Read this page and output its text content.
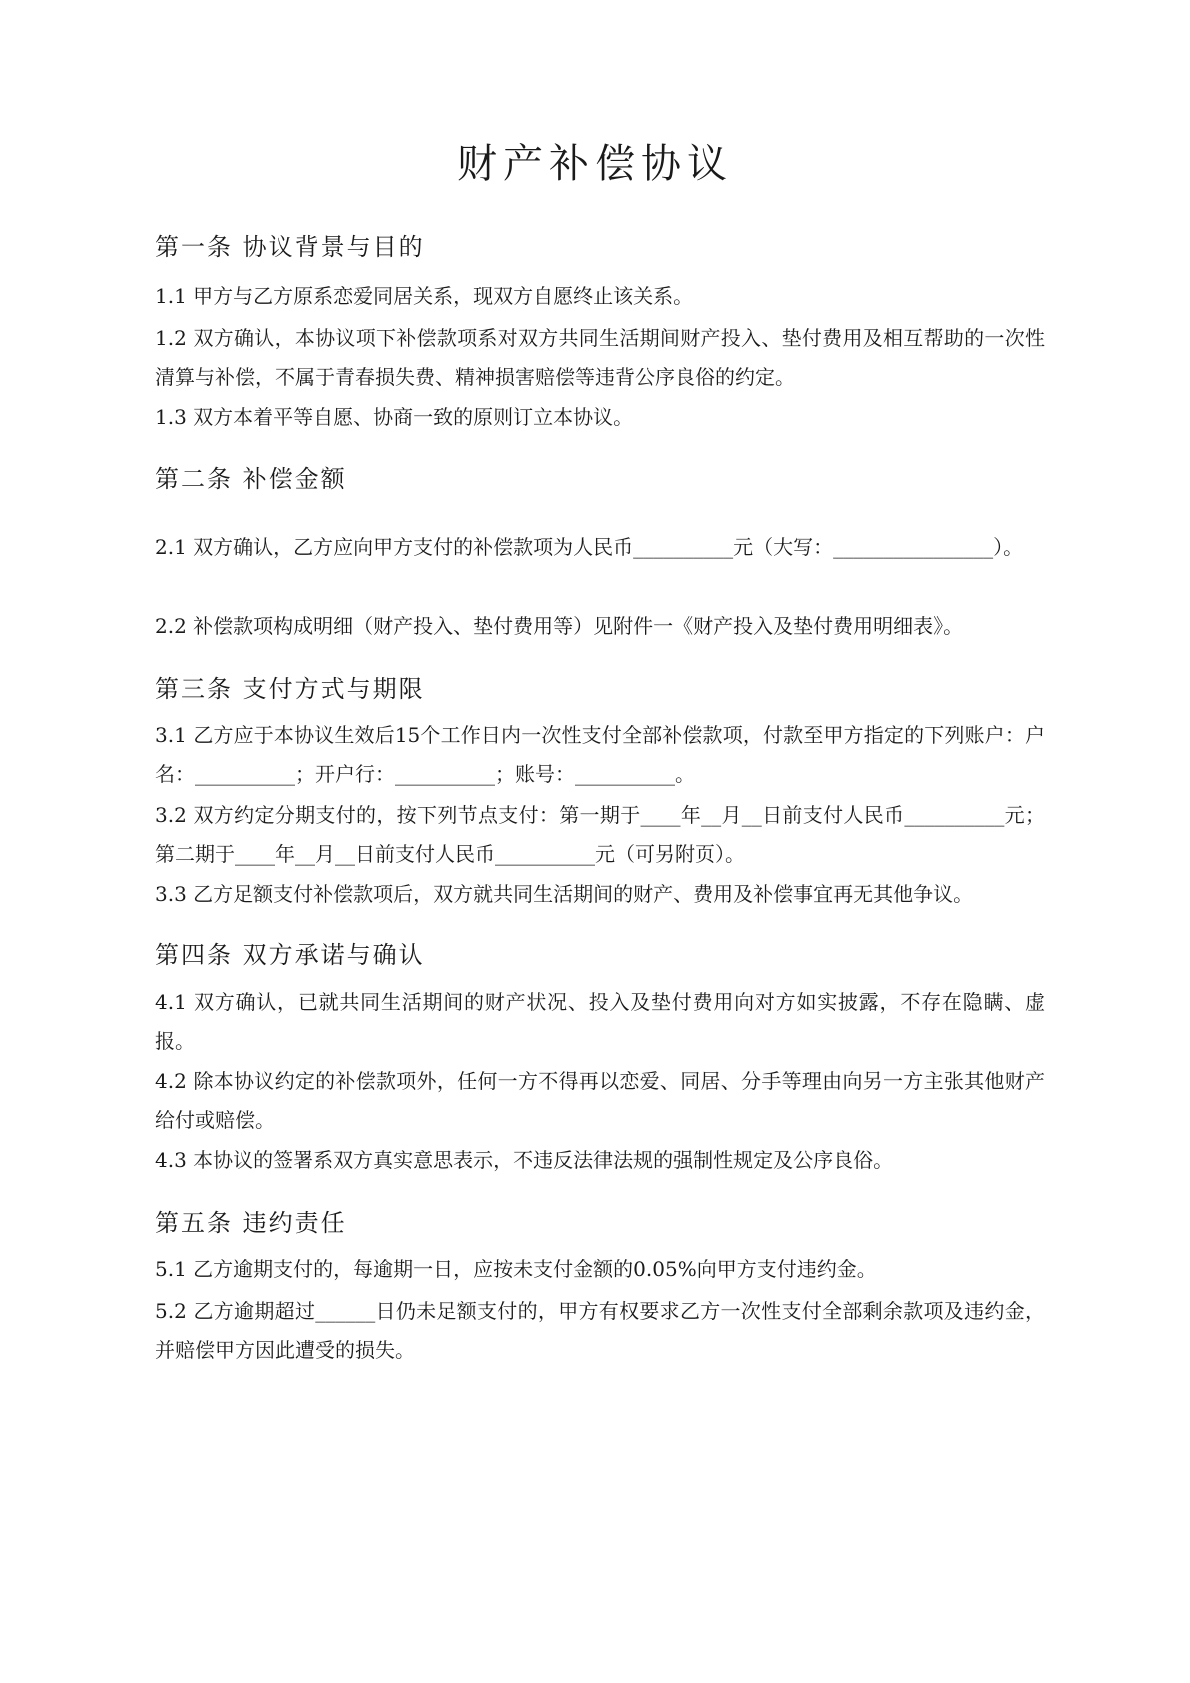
财产补偿协议
第一条 协议背景与目的

1.1 甲方与乙方原系恋爱同居关系，现双方自愿终止该关系。

1.2 双方确认，本协议项下补偿款项系对双方共同生活期间财产投入、垫付费用及相互帮助的一次性清算与补偿，不属于青春损失费、精神损害赔偿等违背公序良俗的约定。

1.3 双方本着平等自愿、协商一致的原则订立本协议。

第二条 补偿金额

2.1 双方确认，乙方应向甲方支付的补偿款项为人民币__________元（大写：________________）。

2.2 补偿款项构成明细（财产投入、垫付费用等）见附件一《财产投入及垫付费用明细表》。

第三条 支付方式与期限

3.1 乙方应于本协议生效后15个工作日内一次性支付全部补偿款项，付款至甲方指定的下列账户：户名：__________；开户行：__________；账号：__________。

3.2 双方约定分期支付的，按下列节点支付：第一期于____年__月__日前支付人民币__________元；第二期于____年__月__日前支付人民币__________元（可另附页）。

3.3 乙方足额支付补偿款项后，双方就共同生活期间的财产、费用及补偿事宜再无其他争议。

第四条 双方承诺与确认

4.1 双方确认，已就共同生活期间的财产状况、投入及垫付费用向对方如实披露，不存在隐瞒、虚报。

4.2 除本协议约定的补偿款项外，任何一方不得再以恋爱、同居、分手等理由向另一方主张其他财产给付或赔偿。

4.3 本协议的签署系双方真实意思表示，不违反法律法规的强制性规定及公序良俗。

第五条 违约责任

5.1 乙方逾期支付的，每逾期一日，应按未支付金额的0.05%向甲方支付违约金。

5.2 乙方逾期超过______日仍未足额支付的，甲方有权要求乙方一次性支付全部剩余款项及违约金，并赔偿甲方因此遭受的损失。
